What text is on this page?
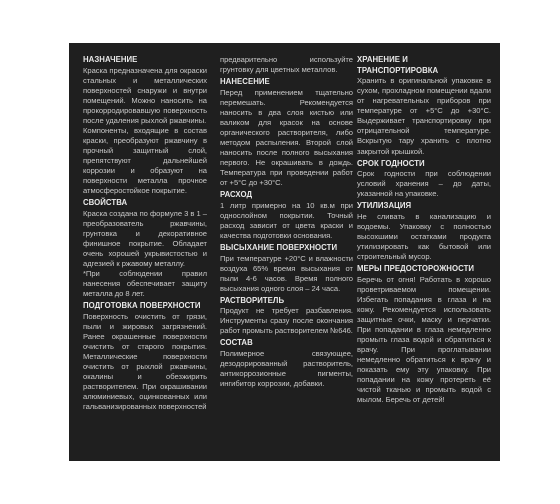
НАЗНАЧЕНИЕ
Краска предназначена для окраски стальных и металлических поверхностей снаружи и внутри помещений. Можно наносить на прокорродировавшую поверхность после удаления рыхлой ржавчины.
Компоненты, входящие в состав краски, преобразуют ржавчину в прочный защитный слой, препятствуют дальнейшей коррозии и образуют на поверхности металла прочное атмосферостойкое покрытие.
СВОЙСТВА
Краска создана по формуле 3 в 1 – преобразователь ржавчины, грунтовка и декоративное финишное покрытие. Обладает очень хорошей укрывистостью и адгезией к ржавому металлу.
*При соблюдении правил нанесения обеспечивает защиту металла до 8 лет.
ПОДГОТОВКА ПОВЕРХНОСТИ
Поверхность очистить от грязи, пыли и жировых загрязнений. Ранее окрашенные поверхности очистить от старого покрытия. Металлические поверхности очистить от рыхлой ржавчины, окалины и обезжирить растворителем. При окрашивании алюминиевых, оцинкованных или гальванизированных поверхностей
предварительно используйте грунтовку для цветных металлов.
НАНЕСЕНИЕ
Перед применением тщательно перемешать. Рекомендуется наносить в два слоя кистью или валиком для красок на основе органического растворителя, либо методом распыления. Второй слой наносить после полного высыхания первого. Не окрашивать в дождь. Температура при проведении работ от +5°С до +30°С.
РАСХОД
1 литр примерно на 10 кв.м при однослойном покрытии. Точный расход зависит от цвета краски и качества подготовки основания.
ВЫСЫХАНИЕ ПОВЕРХНОСТИ
При температуре +20°С и влажности воздуха 65% время высыхания от пыли 4-6 часов. Время полного высыхания одного слоя – 24 часа.
РАСТВОРИТЕЛЬ
Продукт не требует разбавления. Инструменты сразу после окончания работ промыть растворителем №646.
СОСТАВ
Полимерное связующее, дезодорированный растворитель, антикоррозионные пигменты, ингибитор коррозии, добавки.
ХРАНЕНИЕ И ТРАНСПОРТИРОВКА
Хранить в оригинальной упаковке в сухом, прохладном помещении вдали от нагревательных приборов при температуре от +5°С до +30°С. Выдерживает транспортировку при отрицательной температуре. Вскрытую тару хранить с плотно закрытой крышкой.
СРОК ГОДНОСТИ
Срок годности при соблюдении условий хранения – до даты, указанной на упаковке.
УТИЛИЗАЦИЯ
Не сливать в канализацию и водоемы. Упаковку с полностью высохшими остатками продукта утилизировать как бытовой или строительный мусор.
МЕРЫ ПРЕДОСТОРОЖНОСТИ
Беречь от огня! Работать в хорошо проветриваемом помещении. Избегать попадания в глаза и на кожу. Рекомендуется использовать защитные очки, маску и перчатки. При попадании в глаза немедленно промыть глаза водой и обратиться к врачу. При проглатывании немедленно обратиться к врачу и показать ему эту упаковку. При попадании на кожу протереть её чистой тканью и промыть водой с мылом. Беречь от детей!
